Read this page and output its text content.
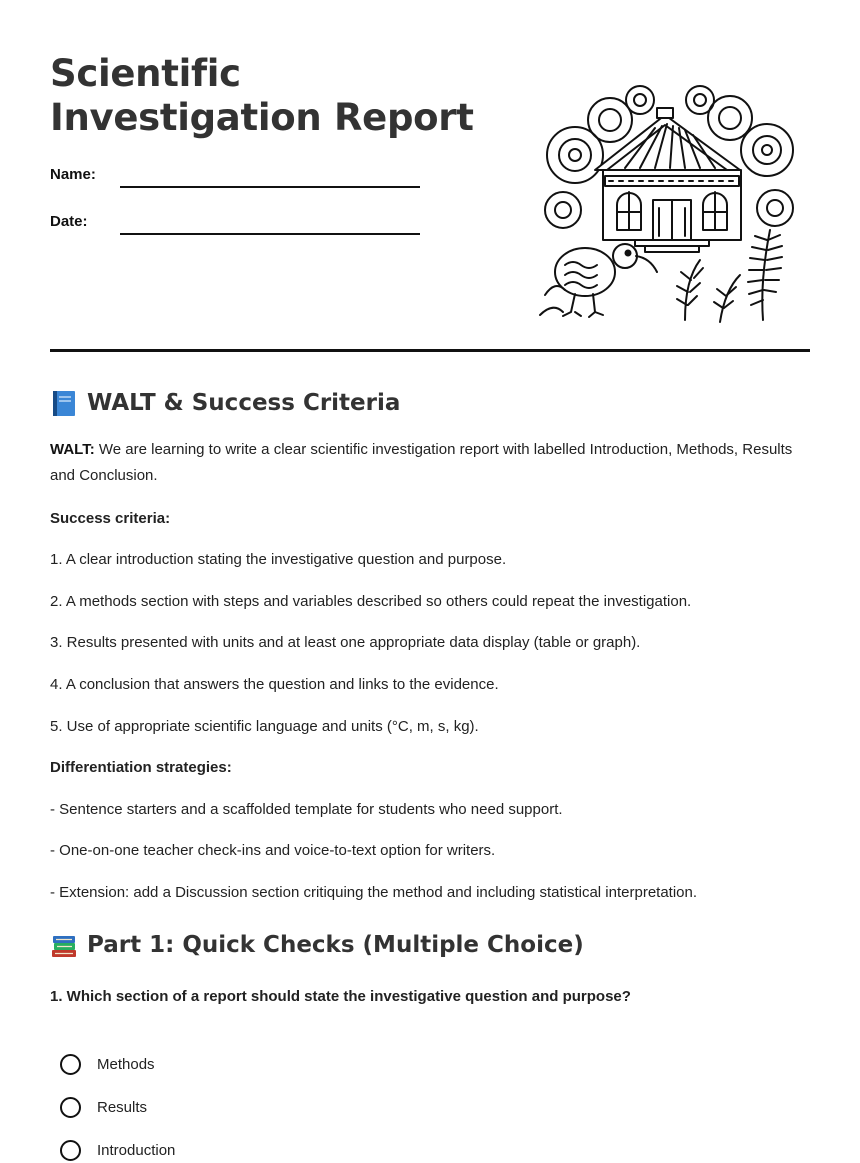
Scientific Investigation Report
Name:
Date:
WALT & Success Criteria

WALT: We are learning to write a clear scientific investigation report with labelled Introduction, Methods, Results and Conclusion.

Success criteria:

1. A clear introduction stating the investigative question and purpose.

2. A methods section with steps and variables described so others could repeat the investigation.

3. Results presented with units and at least one appropriate data display (table or graph).

4. A conclusion that answers the question and links to the evidence.

5. Use of appropriate scientific language and units (°C, m, s, kg).

Differentiation strategies:

- Sentence starters and a scaffolded template for students who need support.

- One-on-one teacher check-ins and voice-to-text option for writers.

- Extension: add a Discussion section critiquing the method and including statistical interpretation.

Part 1: Quick Checks (Multiple Choice)

1. Which section of a report should state the investigative question and purpose?

Methods
Results
Introduction
